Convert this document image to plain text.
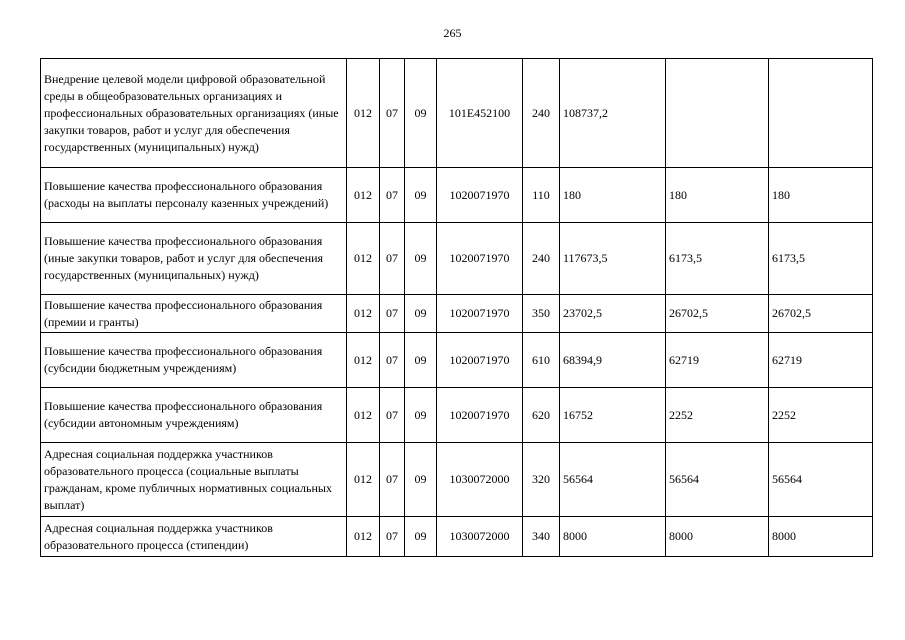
265
Внедрение целевой модели цифровой образовательной среды в общеобразовательных организациях и профессиональных образовательных организациях (иные закупки товаров, работ и услуг для обеспечения государственных (муниципальных) нужд)	012	07	09	101E452100	240	108737,2		
Повышение качества профессионального образования (расходы на выплаты персоналу казенных учреждений)	012	07	09	1020071970	110	180	180	180
Повышение качества профессионального образования (иные закупки товаров, работ и услуг для обеспечения государственных (муниципальных) нужд)	012	07	09	1020071970	240	117673,5	6173,5	6173,5
Повышение качества профессионального образования (премии и гранты)	012	07	09	1020071970	350	23702,5	26702,5	26702,5
Повышение качества профессионального образования (субсидии бюджетным учреждениям)	012	07	09	1020071970	610	68394,9	62719	62719
Повышение качества профессионального образования (субсидии автономным учреждениям)	012	07	09	1020071970	620	16752	2252	2252
Адресная социальная поддержка участников образовательного процесса (социальные выплаты гражданам, кроме публичных нормативных социальных выплат)	012	07	09	1030072000	320	56564	56564	56564
Адресная социальная поддержка участников образовательного процесса (стипендии)	012	07	09	1030072000	340	8000	8000	8000
